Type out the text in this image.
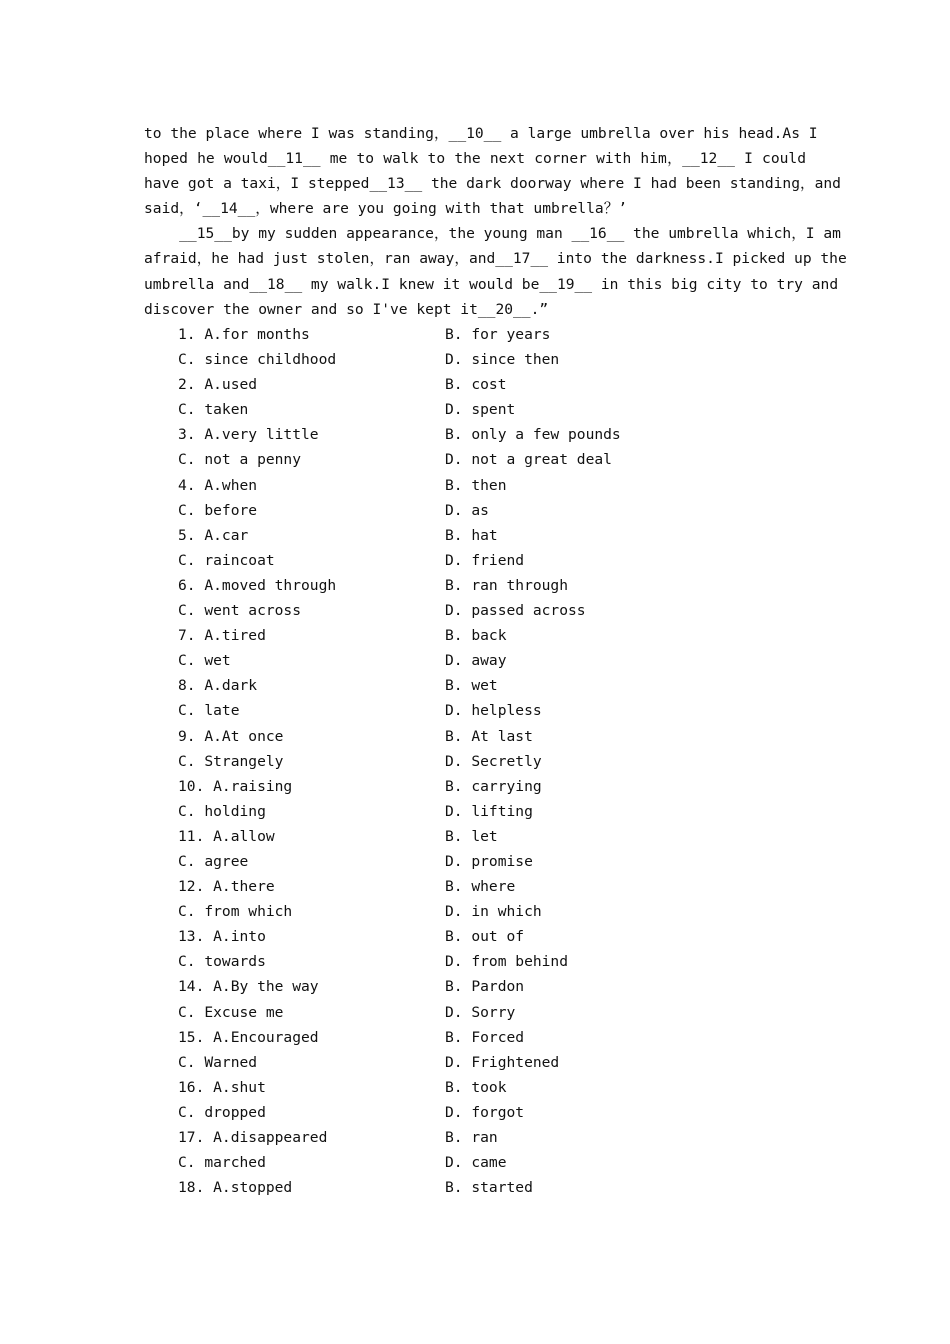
to the place where I was standing，__10__ a large umbrella over his head.As I
hoped he would__11__ me to walk to the next corner with him，__12__ I could
have got a taxi，I stepped__13__ the dark doorway where I had been standing，and
said，‘__14__，where are you going with that umbrella？’
__15__by my sudden appearance，the young man __16__ the umbrella which，I am
afraid，he had just stolen，ran away，and__17__ into the darkness.I picked up the
umbrella and__18__ my walk.I knew it would be__19__ in this big city to try and
discover the owner and so I've kept it__20__.”
1. A.for months	B. for years
C. since childhood	D. since then
2. A.used	B. cost
C. taken	D. spent
3. A.very little	B. only a few pounds
C. not a penny	D. not a great deal
4. A.when	B. then
C. before	D. as
5. A.car	B. hat
C. raincoat	D. friend
6. A.moved through	B. ran through
C. went across	D. passed across
7. A.tired	B. back
C. wet	D. away
8. A.dark	B. wet
C. late	D. helpless
9. A.At once	B. At last
C. Strangely	D. Secretly
10. A.raising	B. carrying
C. holding	D. lifting
11. A.allow	B. let
C. agree	D. promise
12. A.there	B. where
C. from which	D. in which
13. A.into	B. out of
C. towards	D. from behind
14. A.By the way	B. Pardon
C. Excuse me	D. Sorry
15. A.Encouraged	B. Forced
C. Warned	D. Frightened
16. A.shut	B. took
C. dropped	D. forgot
17. A.disappeared	B. ran
C. marched	D. came
18. A.stopped	B. started
